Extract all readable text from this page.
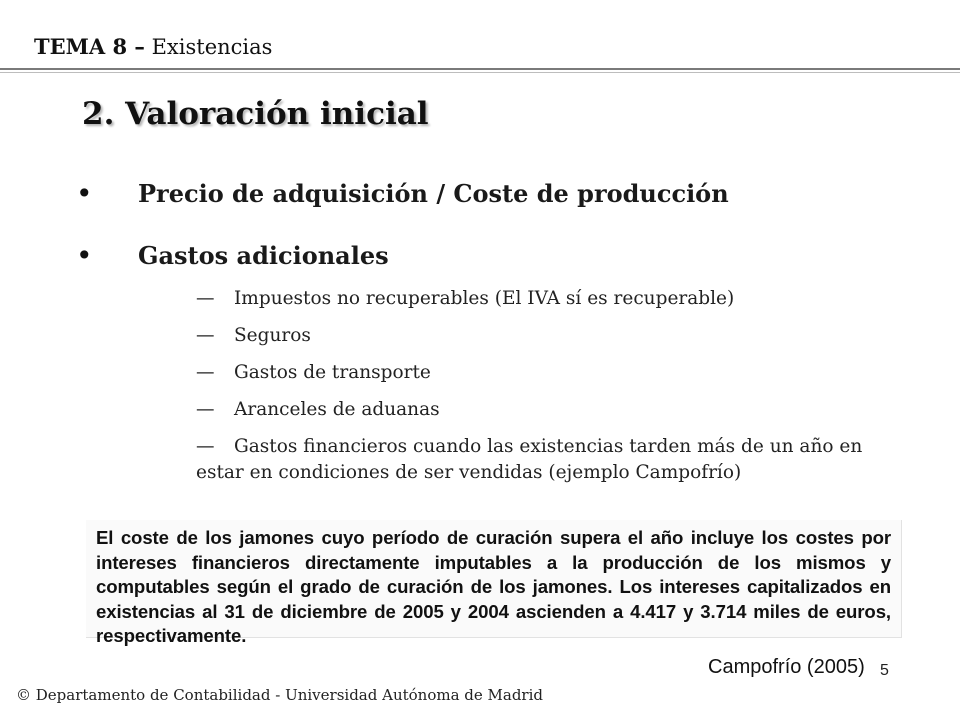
TEMA 8 – Existencias
2. Valoración inicial
• Precio de adquisición / Coste de producción
• Gastos adicionales
— Impuestos no recuperables (El IVA sí es recuperable)
— Seguros
— Gastos de transporte
— Aranceles de aduanas
— Gastos financieros cuando las existencias tarden más de un año en estar en condiciones de ser vendidas (ejemplo Campofrío)
El coste de los jamones cuyo período de curación supera el año incluye los costes por intereses financieros directamente imputables a la producción de los mismos y computables según el grado de curación de los jamones. Los intereses capitalizados en existencias al 31 de diciembre de 2005 y 2004 ascienden a 4.417 y 3.714 miles de euros, respectivamente.
Campofrío (2005) 5
© Departamento de Contabilidad - Universidad Autónoma de Madrid
